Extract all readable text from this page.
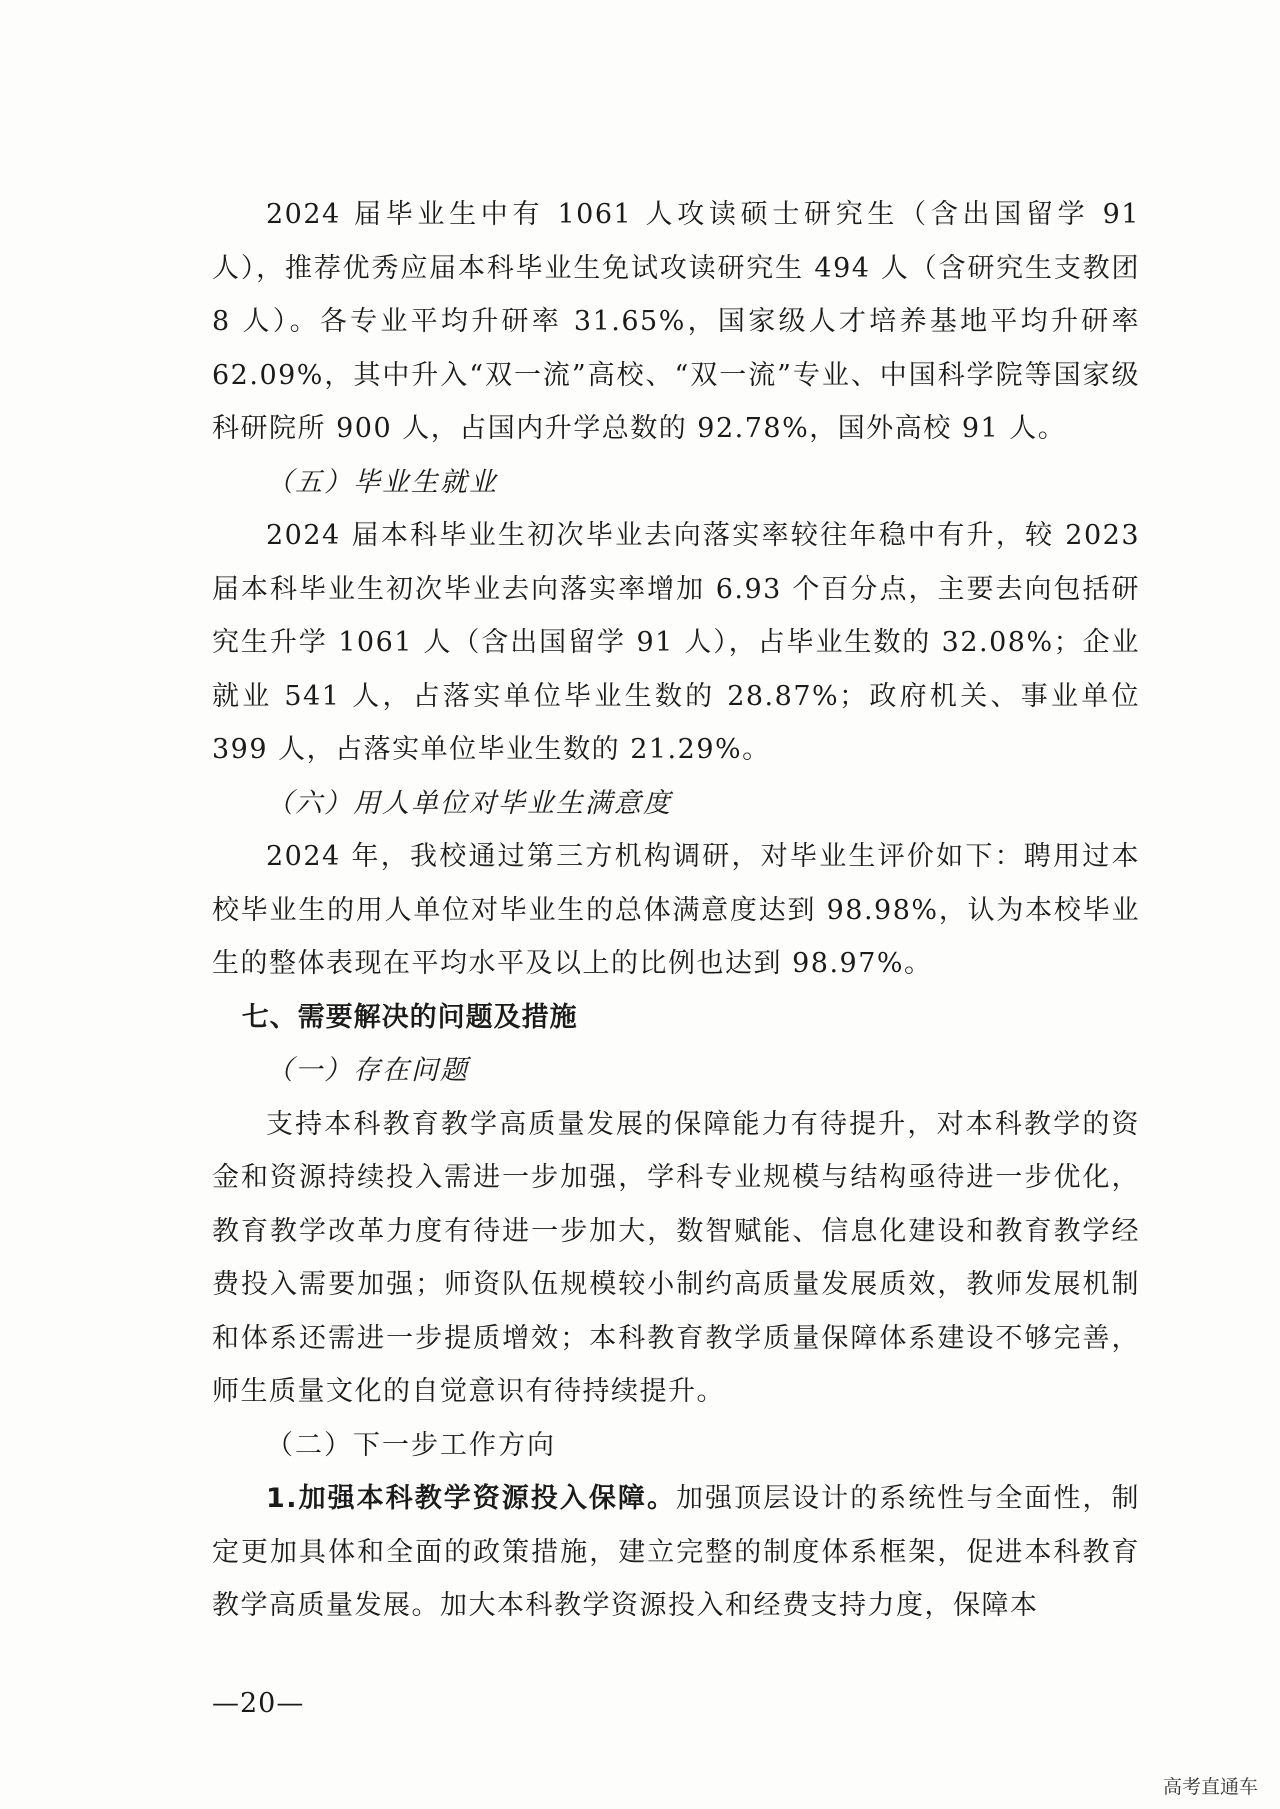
2024 届毕业生中有 1061 人攻读硕士研究生（含出国留学 91 人），推荐优秀应届本科毕业生免试攻读研究生 494 人（含研究生支教团 8 人）。各专业平均升研率 31.65%，国家级人才培养基地平均升研率 62.09%，其中升入“双一流”高校、“双一流”专业、中国科学院等国家级科研院所 900 人，占国内升学总数的 92.78%，国外高校 91 人。

（五）毕业生就业

2024 届本科毕业生初次毕业去向落实率较往年稳中有升，较 2023 届本科毕业生初次毕业去向落实率增加 6.93 个百分点，主要去向包括研究生升学 1061 人（含出国留学 91 人），占毕业生数的 32.08%；企业就业 541 人，占落实单位毕业生数的 28.87%；政府机关、事业单位 399 人，占落实单位毕业生数的 21.29%。

（六）用人单位对毕业生满意度

2024 年，我校通过第三方机构调研，对毕业生评价如下：聘用过本校毕业生的用人单位对毕业生的总体满意度达到 98.98%，认为本校毕业生的整体表现在平均水平及以上的比例也达到 98.97%。

七、需要解决的问题及措施
（一）存在问题

支持本科教育教学高质量发展的保障能力有待提升，对本科教学的资金和资源持续投入需进一步加强，学科专业规模与结构亟待进一步优化，教育教学改革力度有待进一步加大，数智赋能、信息化建设和教育教学经费投入需要加强；师资队伍规模较小制约高质量发展质效，教师发展机制和体系还需进一步提质增效；本科教育教学质量保障体系建设不够完善，师生质量文化的自觉意识有待持续提升。

（二）下一步工作方向

1.加强本科教学资源投入保障。加强顶层设计的系统性与全面性，制定更加具体和全面的政策措施，建立完整的制度体系框架，促进本科教育教学高质量发展。加大本科教学资源投入和经费支持力度，保障本

—20—
高考直通车
